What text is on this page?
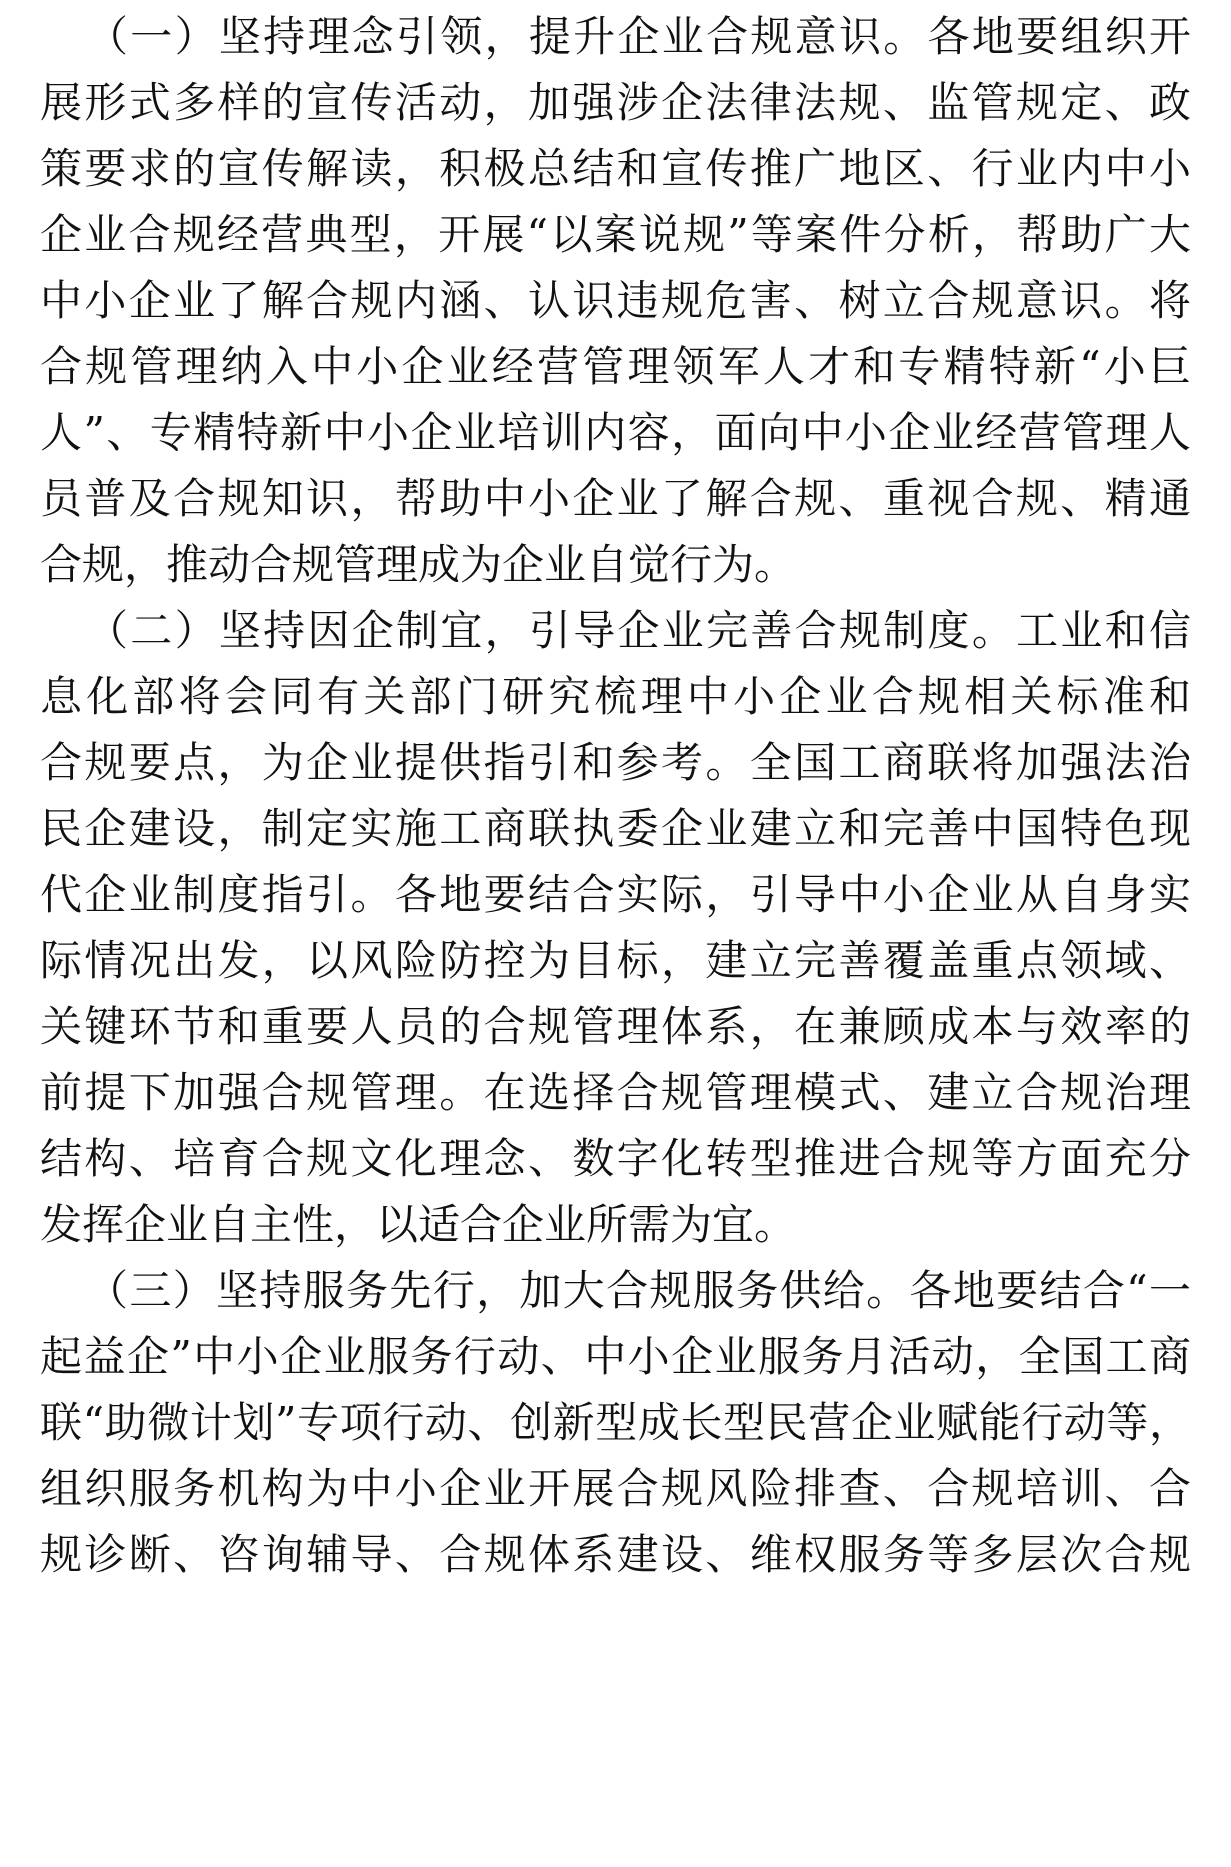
（一）坚持理念引领，提升企业合规意识。各地要组织开
展形式多样的宣传活动，加强涉企法律法规、监管规定、政
策要求的宣传解读，积极总结和宣传推广地区、行业内中小
企业合规经营典型，开展“以案说规”等案件分析，帮助广大
中小企业了解合规内涵、认识违规危害、树立合规意识。将
合规管理纳入中小企业经营管理领军人才和专精特新“小巨
人”、专精特新中小企业培训内容，面向中小企业经营管理人
员普及合规知识，帮助中小企业了解合规、重视合规、精通
合规，推动合规管理成为企业自觉行为。
（二）坚持因企制宜，引导企业完善合规制度。工业和信
息化部将会同有关部门研究梳理中小企业合规相关标准和
合规要点，为企业提供指引和参考。全国工商联将加强法治
民企建设，制定实施工商联执委企业建立和完善中国特色现
代企业制度指引。各地要结合实际，引导中小企业从自身实
际情况出发，以风险防控为目标，建立完善覆盖重点领域、
关键环节和重要人员的合规管理体系，在兼顾成本与效率的
前提下加强合规管理。在选择合规管理模式、建立合规治理
结构、培育合规文化理念、数字化转型推进合规等方面充分
发挥企业自主性，以适合企业所需为宜。
（三）坚持服务先行，加大合规服务供给。各地要结合“一
起益企”中小企业服务行动、中小企业服务月活动，全国工商
联“助微计划”专项行动、创新型成长型民营企业赋能行动等，
组织服务机构为中小企业开展合规风险排查、合规培训、合
规诊断、咨询辅导、合规体系建设、维权服务等多层次合规
